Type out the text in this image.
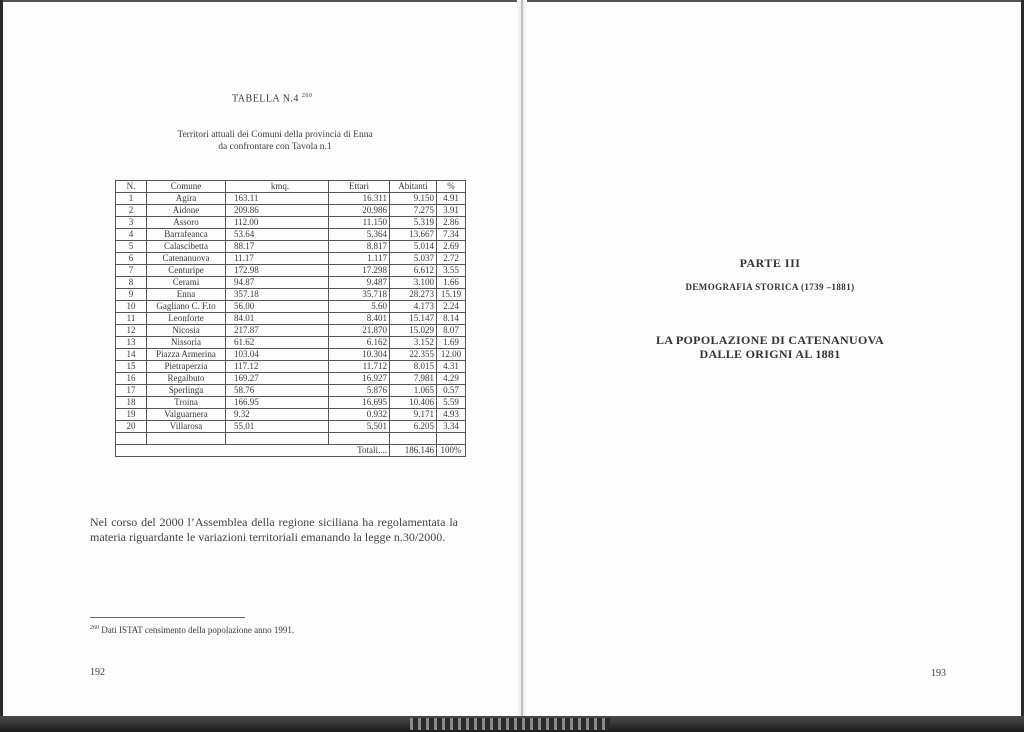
TABELLA N.4 $^{260}$
Territori attuali dei Comuni della provincia di Enna
da confrontare con Tavola n.1
N.	Comune	kmq.	Ettari	Abitanti	%
1	Agira	163.11	16.311	9.150	4.91
2	Aidone	209.86	20.986	7.275	3.91
3	Assoro	112.00	11.150	5.319	2.86
4	Barrafeanca	53.64	5.364	13.667	7.34
5	Calascibetta	88.17	8.817	5.014	2.69
6	Catenanuova	11.17	1.117	5.037	2.72
7	Centuripe	172.98	17.298	6.612	3.55
8	Cerami	94.87	9.487	3.100	1.66
9	Enna	357.18	35.718	28.273	15.19
10	Gagliano C. F.to	56.00	5.60	4.173	2.24
11	Leonforte	84.01	8.401	15.147	8.14
12	Nicosia	217.87	21.870	15.029	8.07
13	Nissoria	61.62	6.162	3.152	1.69
14	Piazza Armerina	103.04	10.304	22.355	12.00
15	Pietraperzia	117.12	11.712	8.015	4.31
16	Regalbuto	169.27	16.927	7.981	4.29
17	Sperlinga	58.76	5.876	1.065	0.57
18	Troina	166.95	16.695	10.406	5.59
19	Valguarnera	9.32	0.932	9.171	4.93
20	Villarosa	55.01	5.501	6.205	3.34

Totali....				186.146	100%
Nel corso del 2000 l’Assemblea della regione siciliana ha regolamentata la materia riguardante le variazioni territoriali emanando la legge n.30/2000.
$^{260}$ Dati ISTAT censimento della popolazione anno 1991.
192
PARTE III
DEMOGRAFIA STORICA (1739 –1881)
LA POPOLAZIONE DI CATENANUOVA
DALLE ORIGNI AL 1881
193
